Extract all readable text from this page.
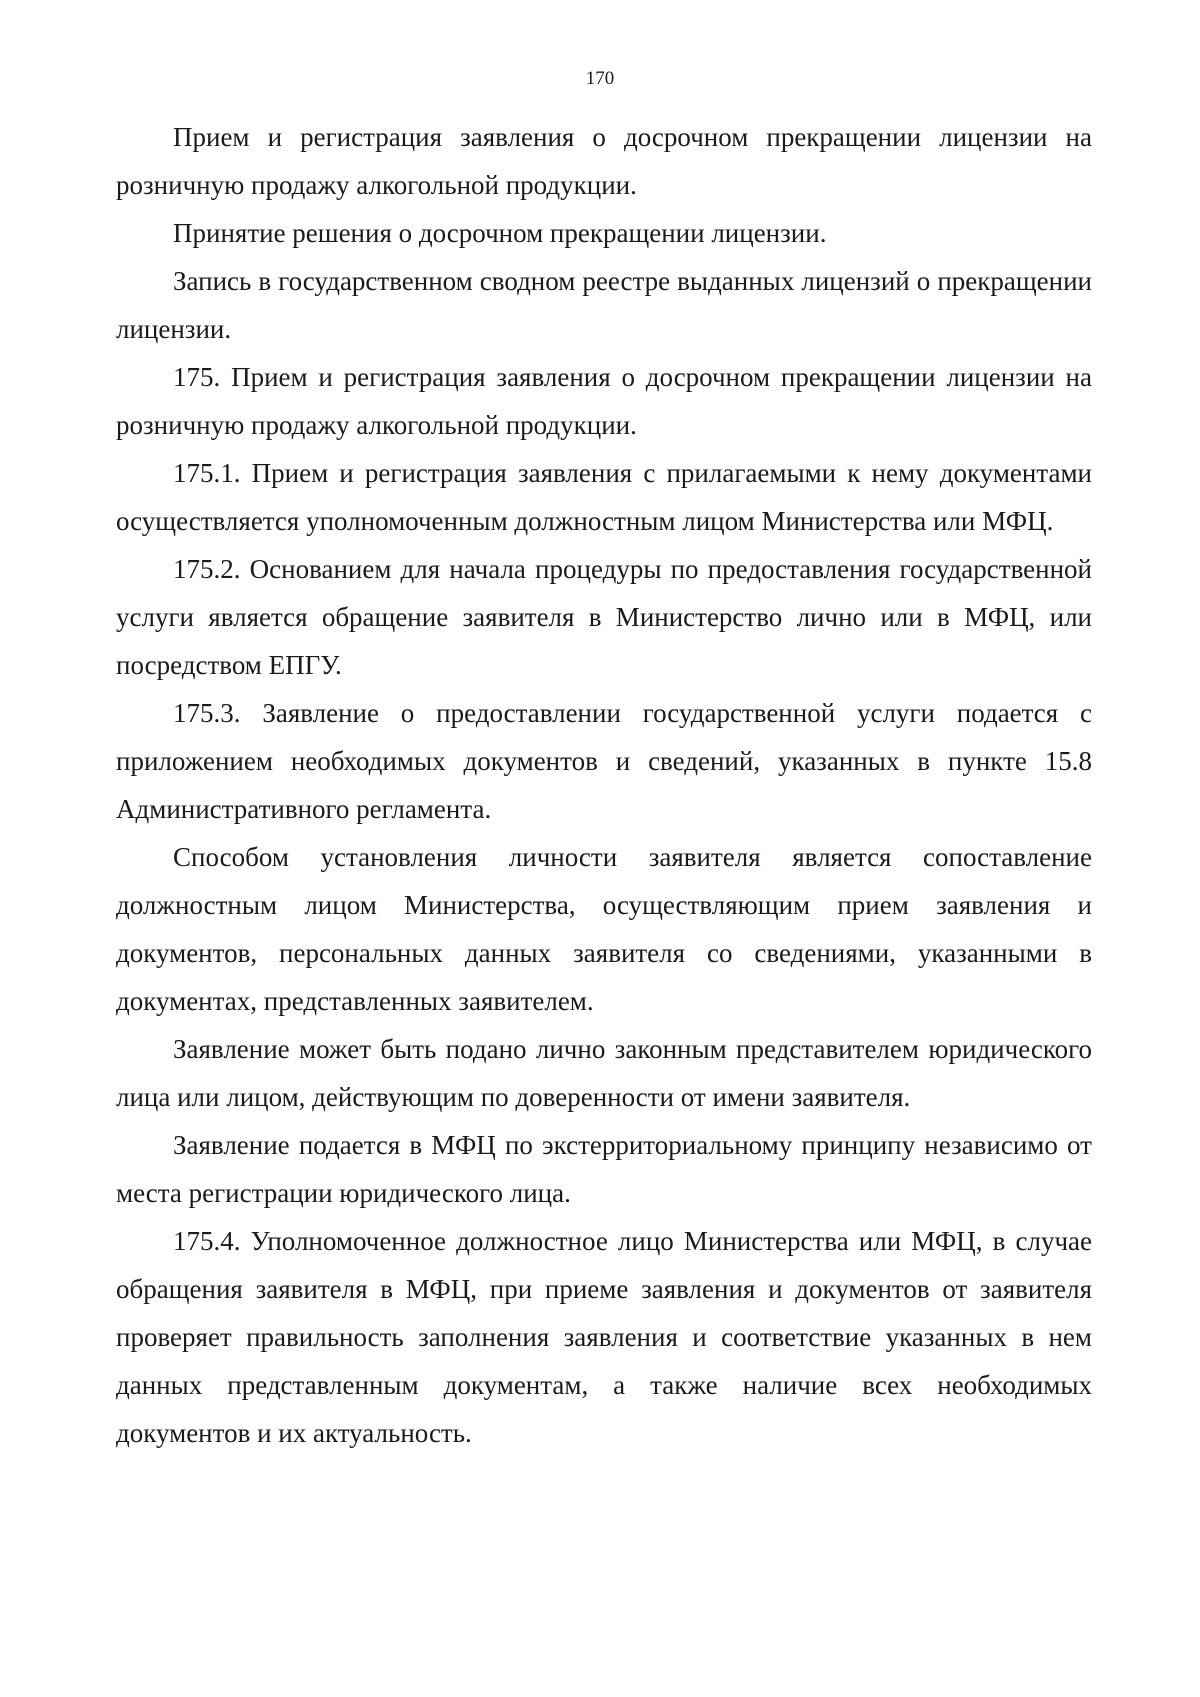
170

Прием и регистрация заявления о досрочном прекращении лицензии на розничную продажу алкогольной продукции.

Принятие решения о досрочном прекращении лицензии.

Запись в государственном сводном реестре выданных лицензий о прекращении лицензии.

175. Прием и регистрация заявления о досрочном прекращении лицензии на розничную продажу алкогольной продукции.

175.1. Прием и регистрация заявления с прилагаемыми к нему документами осуществляется уполномоченным должностным лицом Министерства или МФЦ.

175.2. Основанием для начала процедуры по предоставления государственной услуги является обращение заявителя в Министерство лично или в МФЦ, или посредством ЕПГУ.

175.3. Заявление о предоставлении государственной услуги подается с приложением необходимых документов и сведений, указанных в пункте 15.8 Административного регламента.

Способом установления личности заявителя является сопоставление должностным лицом Министерства, осуществляющим прием заявления и документов, персональных данных заявителя со сведениями, указанными в документах, представленных заявителем.

Заявление может быть подано лично законным представителем юридического лица или лицом, действующим по доверенности от имени заявителя.

Заявление подается в МФЦ по экстерриториальному принципу независимо от места регистрации юридического лица.

175.4. Уполномоченное должностное лицо Министерства или МФЦ, в случае обращения заявителя в МФЦ, при приеме заявления и документов от заявителя проверяет правильность заполнения заявления и соответствие указанных в нем данных представленным документам, а также наличие всех необходимых документов и их актуальность.
